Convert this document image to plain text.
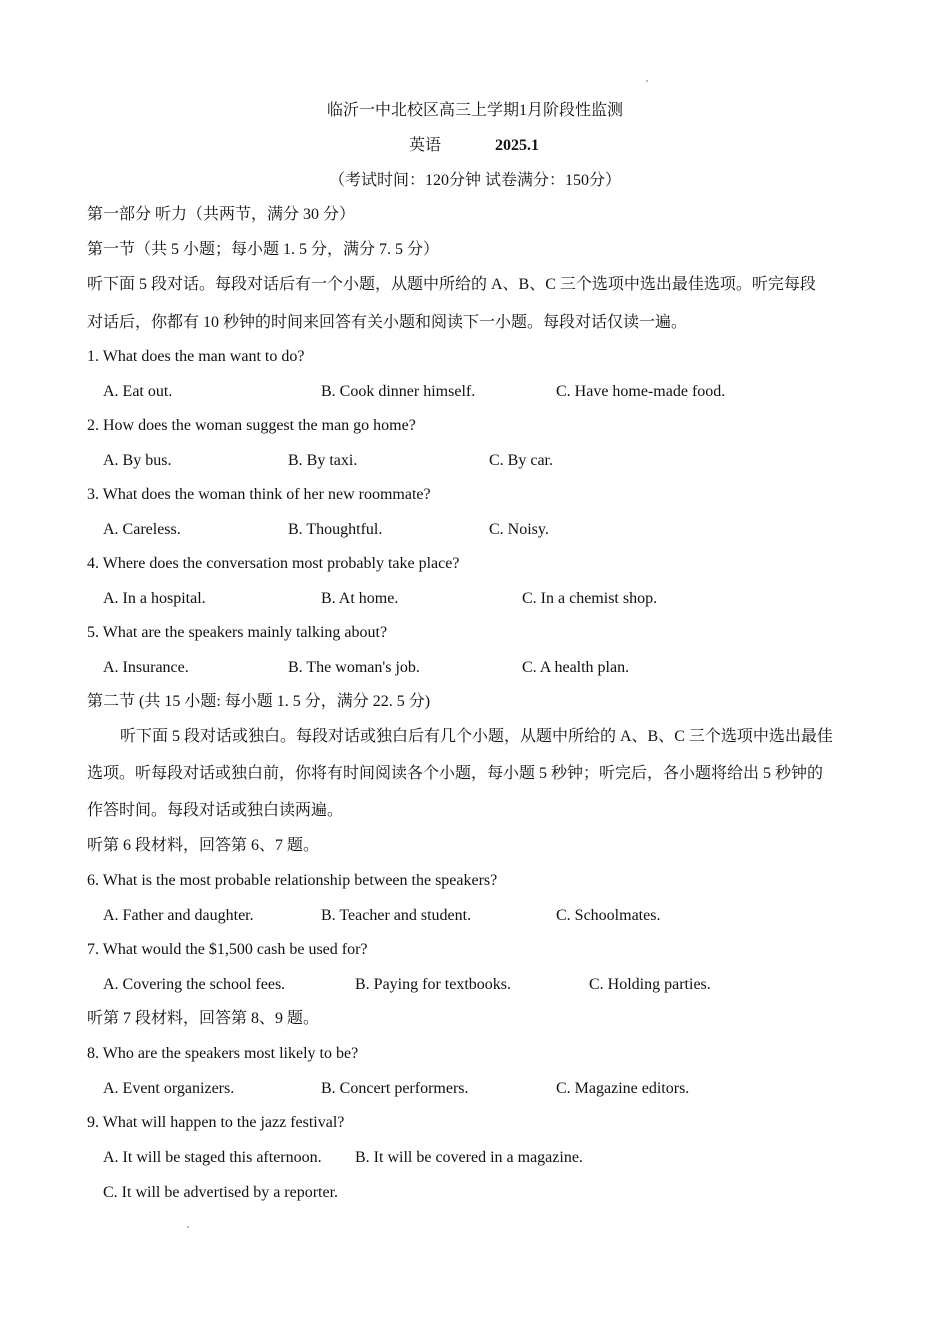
临沂一中北校区高三上学期1月阶段性监测
英语	2025.1
（考试时间：120分钟 试卷满分：150分）
第一部分 听力（共两节，满分 30 分）
第一节（共 5 小题；每小题 1. 5 分，满分 7. 5 分）
听下面 5 段对话。每段对话后有一个小题，从题中所给的 A、B、C 三个选项中选出最佳选项。听完每段
对话后，你都有 10 秒钟的时间来回答有关小题和阅读下一小题。每段对话仅读一遍。
1. What does the man want to do?
A. Eat out.	B. Cook dinner himself.	C. Have home-made food.
2. How does the woman suggest the man go home?
A. By bus.	B. By taxi.	C. By car.
3. What does the woman think of her new roommate?
A. Careless.	B. Thoughtful.	C. Noisy.
4. Where does the conversation most probably take place?
A. In a hospital.	B. At home.	C. In a chemist shop.
5. What are the speakers mainly talking about?
A. Insurance.	B. The woman's job.	C. A health plan.
第二节 (共 15 小题: 每小题 1. 5 分，满分 22. 5 分)
听下面 5 段对话或独白。每段对话或独白后有几个小题，从题中所给的 A、B、C 三个选项中选出最佳
选项。听每段对话或独白前，你将有时间阅读各个小题，每小题 5 秒钟；听完后，各小题将给出 5 秒钟的
作答时间。每段对话或独白读两遍。
听第 6 段材料，回答第 6、7 题。
6. What is the most probable relationship between the speakers?
A. Father and daughter.	B. Teacher and student.	C. Schoolmates.
7. What would the $1,500 cash be used for?
A. Covering the school fees.	B. Paying for textbooks.	C. Holding parties.
听第 7 段材料，回答第 8、9 题。
8. Who are the speakers most likely to be?
A. Event organizers.	B. Concert performers.	C. Magazine editors.
9. What will happen to the jazz festival?
A. It will be staged this afternoon. B. It will be covered in a magazine.
C. It will be advertised by a reporter.
